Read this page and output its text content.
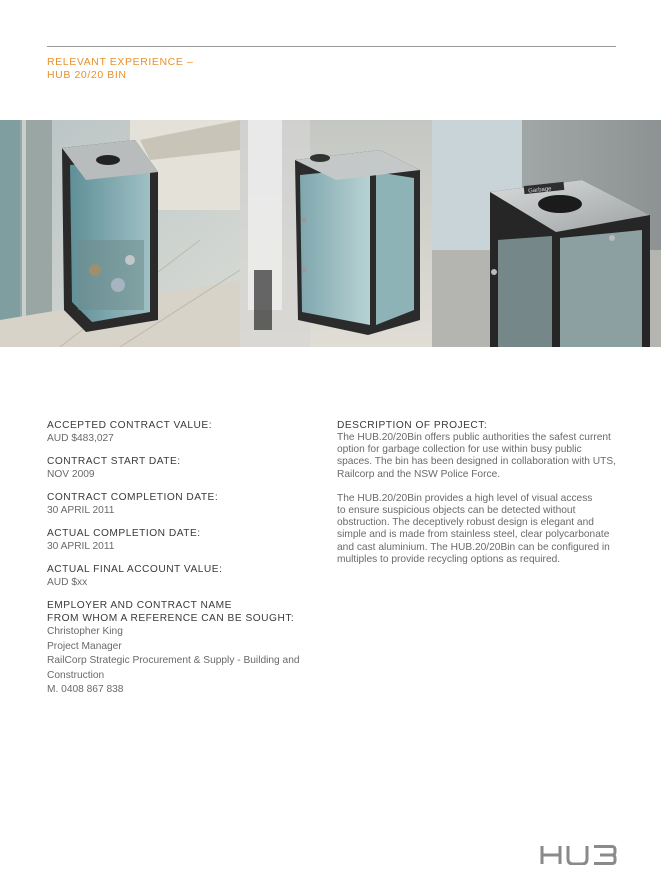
RELEVANT EXPERIENCE –
HUB 20/20 BIN
Garbage
ACCEPTED CONTRACT VALUE:
AUD $483,027
CONTRACT START DATE:
NOV 2009
CONTRACT COMPLETION DATE:
30 APRIL 2011
ACTUAL COMPLETION DATE:
30 APRIL 2011
ACTUAL FINAL ACCOUNT VALUE:
AUD $xx
EMPLOYER AND CONTRACT NAME
FROM WHOM A REFERENCE CAN BE SOUGHT:
Christopher King
Project Manager
RailCorp Strategic Procurement & Supply - Building and
Construction
M. 0408 867 838
DESCRIPTION OF PROJECT:

The HUB.20/20Bin offers public authorities the safest current
option for garbage collection for use within busy public
spaces. The bin has been designed in collaboration with UTS,
Railcorp and the NSW Police Force.

The HUB.20/20Bin provides a high level of visual access
to ensure suspicious objects can be detected without
obstruction. The deceptively robust design is elegant and
simple and is made from stainless steel, clear polycarbonate
and cast aluminium. The HUB.20/20Bin can be configured in
multiples to provide recycling options as required.
